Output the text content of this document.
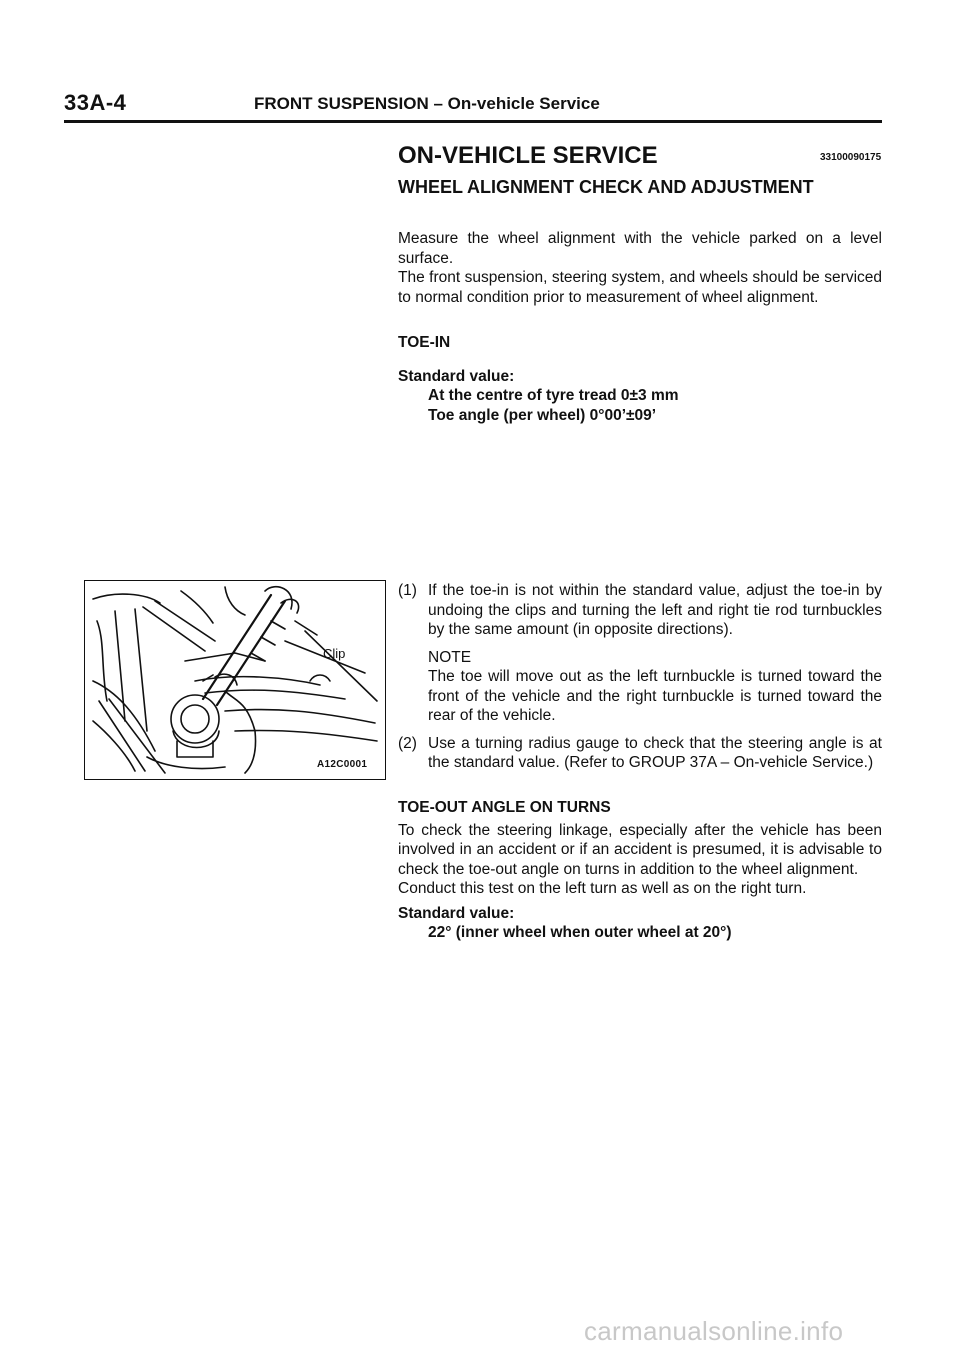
33A-4	FRONT SUSPENSION – On-vehicle Service
ON-VEHICLE SERVICE	33100090175
WHEEL ALIGNMENT CHECK AND ADJUSTMENT

Measure the wheel alignment with the vehicle parked on a level surface.

The front suspension, steering system, and wheels should be serviced to normal condition prior to measurement of wheel alignment.

TOE-IN

Standard value:

At the centre of tyre tread 0±3 mm

Toe angle (per wheel) 0°00’±09’

Clip
A12C0001
(1) If the toe-in is not within the standard value, adjust the toe-in by undoing the clips and turning the left and right tie rod turnbuckles by the same amount (in opposite directions).

NOTE

The toe will move out as the left turnbuckle is turned toward the front of the vehicle and the right turnbuckle is turned toward the rear of the vehicle.

(2) Use a turning radius gauge to check that the steering angle is at the standard value. (Refer to GROUP 37A – On-vehicle Service.)

TOE-OUT ANGLE ON TURNS

To check the steering linkage, especially after the vehicle has been involved in an accident or if an accident is presumed, it is advisable to check the toe-out angle on turns in addition to the wheel alignment.

Conduct this test on the left turn as well as on the right turn.

Standard value:

22° (inner wheel when outer wheel at 20°)

carmanualsonline.info
